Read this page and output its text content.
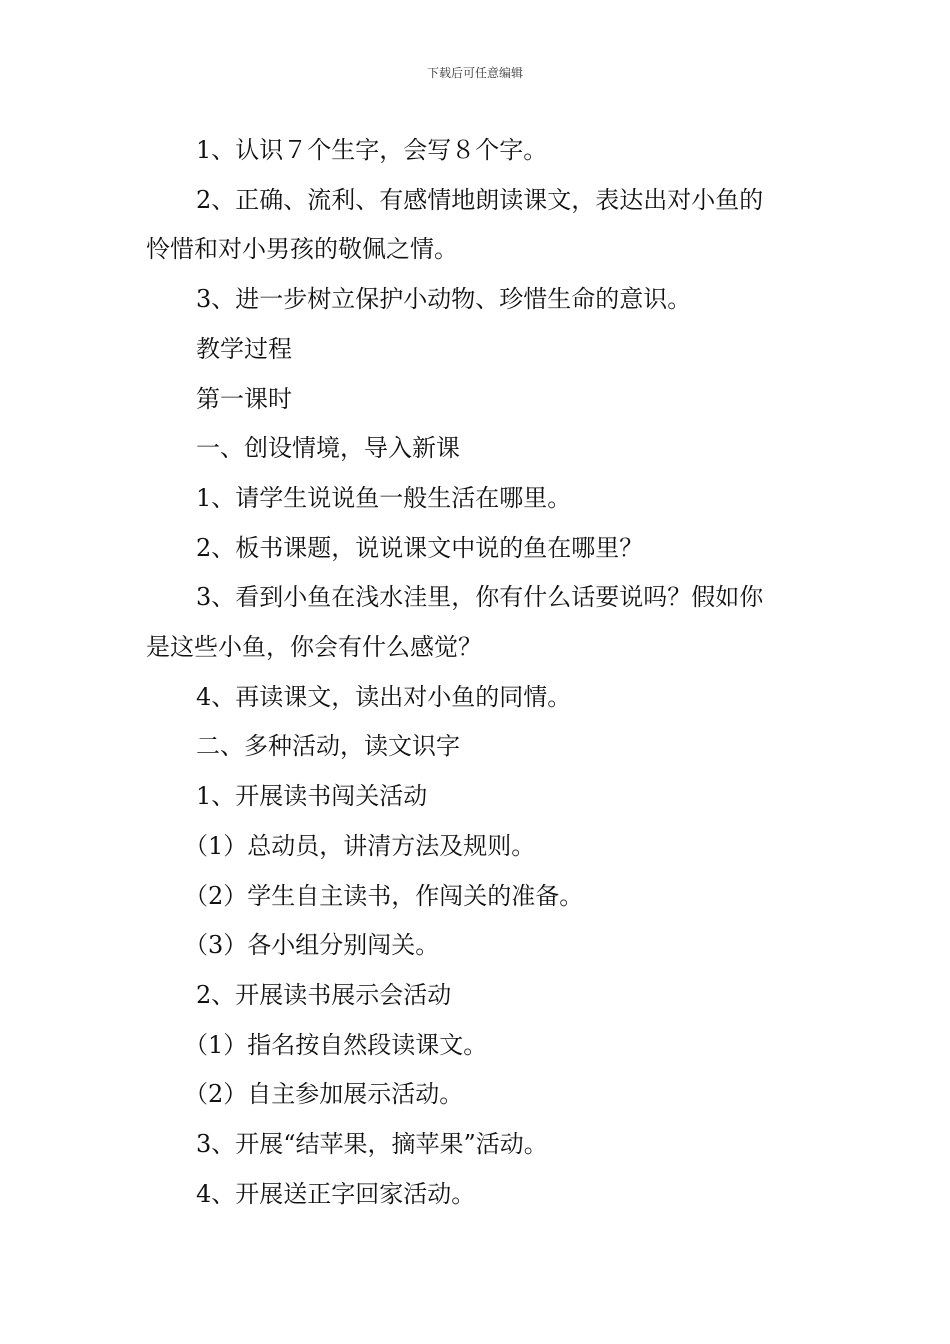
下载后可任意编辑

1、认识７个生字，会写８个字。

2、正确、流利、有感情地朗读课文，表达出对小鱼的

怜惜和对小男孩的敬佩之情。

3、进一步树立保护小动物、珍惜生命的意识。

教学过程

第一课时

一、创设情境，导入新课

1、请学生说说鱼一般生活在哪里。

2、板书课题，说说课文中说的鱼在哪里？

3、看到小鱼在浅水洼里，你有什么话要说吗？假如你

是这些小鱼，你会有什么感觉？

4、再读课文，读出对小鱼的同情。

二、多种活动，读文识字

1、开展读书闯关活动

（1）总动员，讲清方法及规则。

（2）学生自主读书，作闯关的准备。

（3）各小组分别闯关。

2、开展读书展示会活动

（1）指名按自然段读课文。

（2）自主参加展示活动。

3、开展“结苹果，摘苹果”活动。

4、开展送正字回家活动。
